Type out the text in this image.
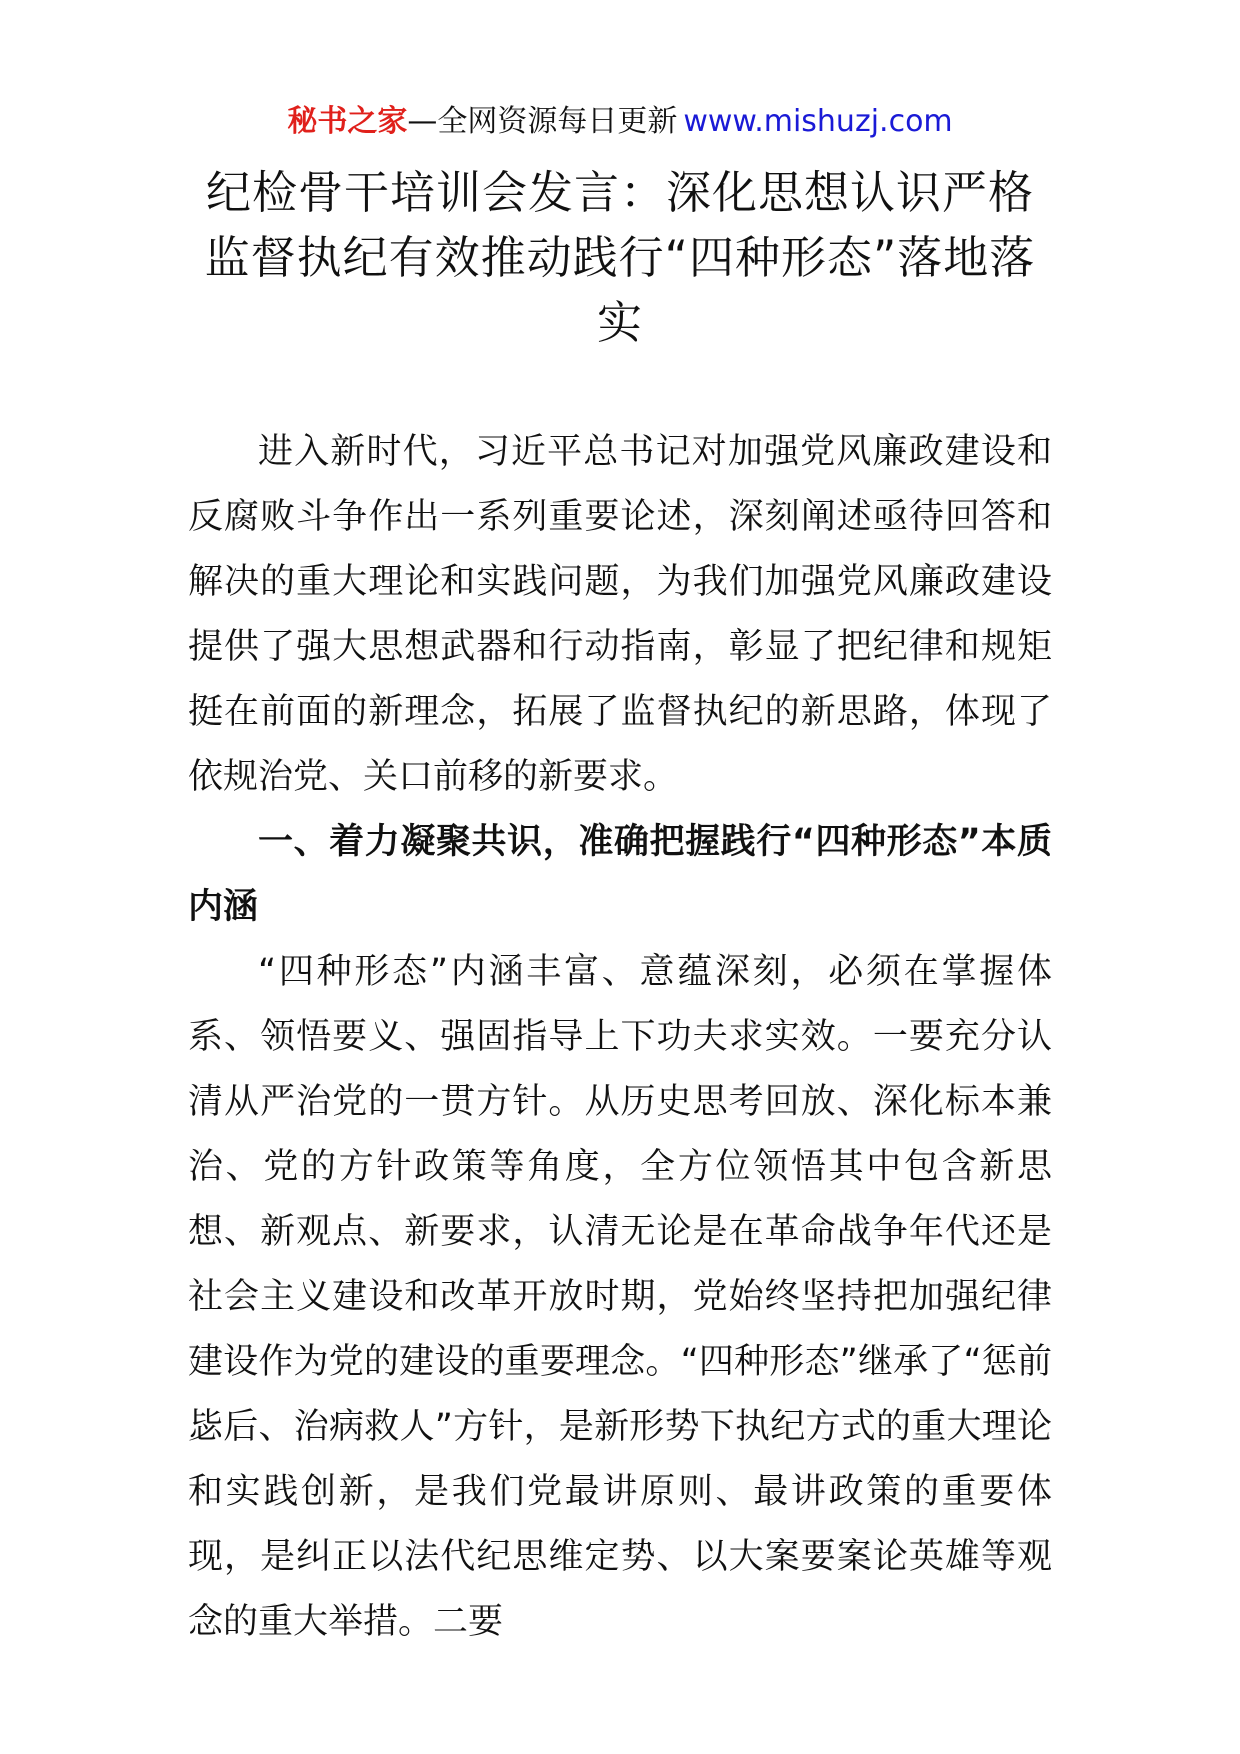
秘书之家—全网资源每日更新 www.mishuzj.com
纪检骨干培训会发言：深化思想认识严格监督执纪有效推动践行“四种形态”落地落实

进入新时代，习近平总书记对加强党风廉政建设和反腐败斗争作出一系列重要论述，深刻阐述亟待回答和解决的重大理论和实践问题，为我们加强党风廉政建设提供了强大思想武器和行动指南，彰显了把纪律和规矩挺在前面的新理念，拓展了监督执纪的新思路，体现了依规治党、关口前移的新要求。

一、着力凝聚共识，准确把握践行“四种形态”本质内涵

“四种形态”内涵丰富、意蕴深刻，必须在掌握体系、领悟要义、强固指导上下功夫求实效。一要充分认清从严治党的一贯方针。从历史思考回放、深化标本兼治、党的方针政策等角度，全方位领悟其中包含新思想、新观点、新要求，认清无论是在革命战争年代还是社会主义建设和改革开放时期，党始终坚持把加强纪律建设作为党的建设的重要理念。“四种形态”继承了“惩前毖后、治病救人”方针，是新形势下执纪方式的重大理论和实践创新，是我们党最讲原则、最讲政策的重要体现，是纠正以法代纪思维定势、以大案要案论英雄等观念的重大举措。二要
